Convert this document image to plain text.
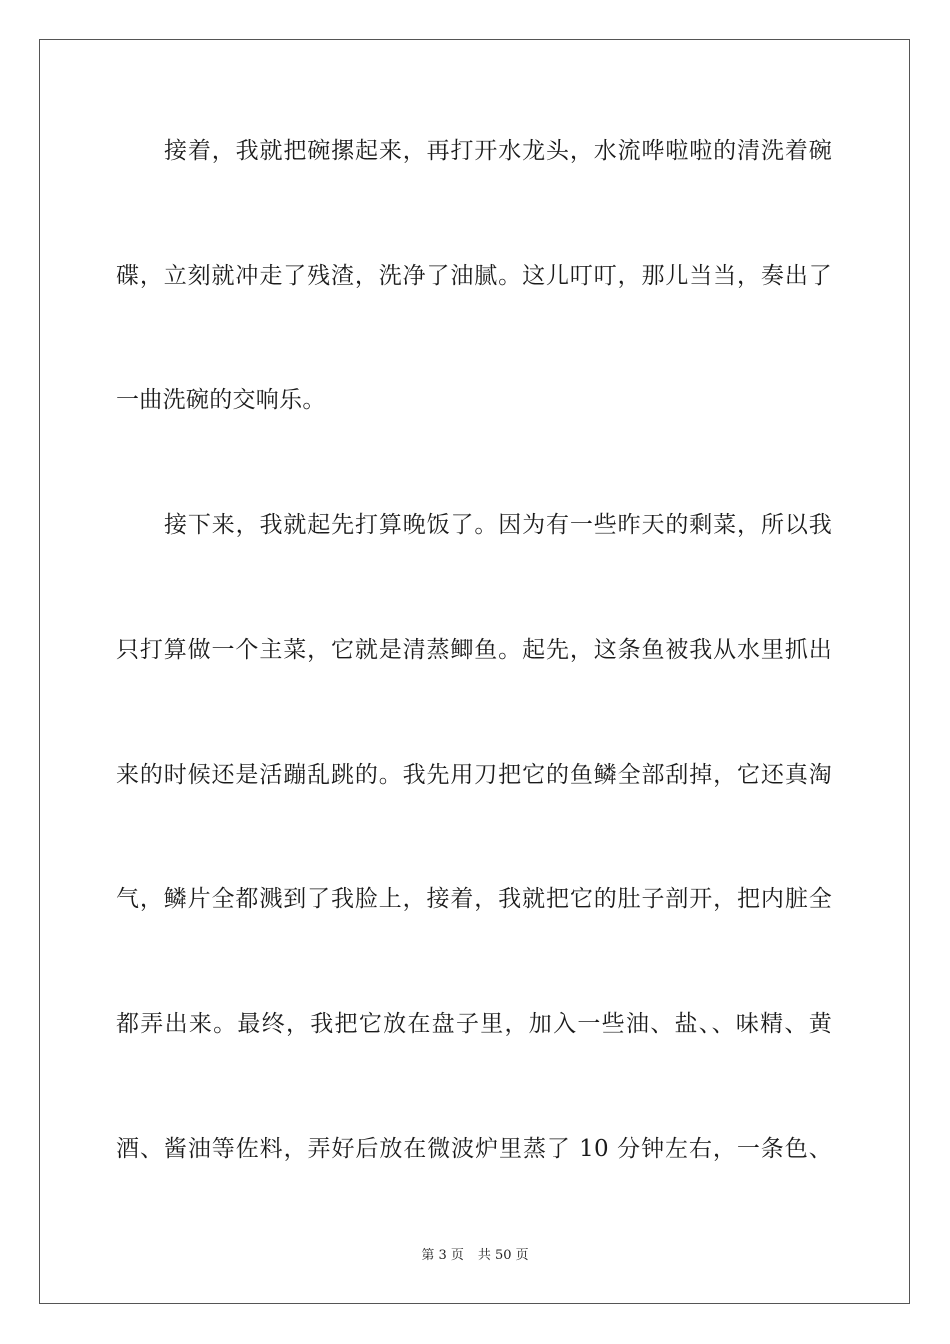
接着，我就把碗摞起来，再打开水龙头，水流哗啦啦的清洗着碗
碟，立刻就冲走了残渣，洗净了油腻。这儿叮叮，那儿当当，奏出了
一曲洗碗的交响乐。
接下来，我就起先打算晚饭了。因为有一些昨天的剩菜，所以我
只打算做一个主菜，它就是清蒸鲫鱼。起先，这条鱼被我从水里抓出
来的时候还是活蹦乱跳的。我先用刀把它的鱼鳞全部刮掉，它还真淘
气，鳞片全都溅到了我脸上，接着，我就把它的肚子剖开，把内脏全
都弄出来。最终，我把它放在盘子里，加入一些油、盐、、味精、黄
酒、酱油等佐料，弄好后放在微波炉里蒸了 10 分钟左右，一条色、
第 3 页 共 50 页
